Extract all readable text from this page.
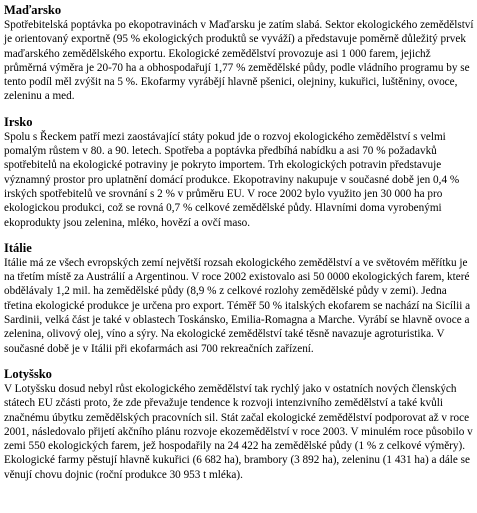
Maďarsko

Spotřebitelská poptávka po ekopotravinách v Maďarsku je zatím slabá. Sektor ekologického zemědělství je orientovaný exportně (95 % ekologických produktů se vyváží) a představuje poměrně důležitý prvek maďarského zemědělského exportu. Ekologické zemědělství provozuje asi 1 000 farem, jejichž průměrná výměra je 20-70 ha a obhospodařují 1,77 % zemědělské půdy, podle vládního programu by se tento podíl měl zvýšit na 5 %. Ekofarmy vyrábějí hlavně pšenici, olejniny, kukuřici, luštěniny, ovoce, zeleninu a med.

Irsko

Spolu s Řeckem patří mezi zaostávající státy pokud jde o rozvoj ekologického zemědělství s velmi pomalým růstem v 80. a 90. letech. Spotřeba a poptávka předbíhá nabídku a asi 70 % požadavků spotřebitelů na ekologické potraviny je pokryto importem. Trh ekologických potravin představuje významný prostor pro uplatnění domácí produkce. Ekopotraviny nakupuje v současné době jen 0,4 % irských spotřebitelů ve srovnání s 2 % v průměru EU. V roce 2002 bylo využito jen 30 000 ha pro ekologickou produkci, což se rovná 0,7 % celkové zemědělské půdy. Hlavními doma vyrobenými ekoprodukty jsou zelenina, mléko, hovězí a ovčí maso.

Itálie

Itálie má ze všech evropských zemí největší rozsah ekologického zemědělství a ve světovém měřítku je na třetím místě za Austrálií a Argentinou. V roce 2002 existovalo asi 50 0000 ekologických farem, které obdělávaly 1,2 mil. ha zemědělské půdy (8,9 % z celkové rozlohy zemědělské půdy v zemi). Jedna třetina ekologické produkce je určena pro export. Téměř 50 % italských ekofarem se nachází na Sicílii a Sardinii, velká část je také v oblastech Toskánsko, Emilia-Romagna a Marche. Vyrábí se hlavně ovoce a zelenina, olivový olej, víno a sýry. Na ekologické zemědělství také těsně navazuje agroturistika. V současné době je v Itálii při ekofarmách asi 700 rekreačních zařízení.

Lotyšsko

V Lotyšsku dosud nebyl růst ekologického zemědělství tak rychlý jako v ostatních nových členských státech EU zčásti proto, že zde převažuje tendence k rozvoji intenzivního zemědělství a také kvůli značnému úbytku zemědělských pracovních sil. Stát začal ekologické zemědělství podporovat až v roce 2001, následovalo přijetí akčního plánu rozvoje ekozemědělství v roce 2003. V minulém roce působilo v zemi 550 ekologických farem, jež hospodařily na 24 422 ha zemědělské půdy (1 % z celkové výměry). Ekologické farmy pěstují hlavně kukuřici (6 682 ha), brambory (3 892 ha), zeleninu (1 431 ha) a dále se věnují chovu dojnic (roční produkce 30 953 t mléka).
